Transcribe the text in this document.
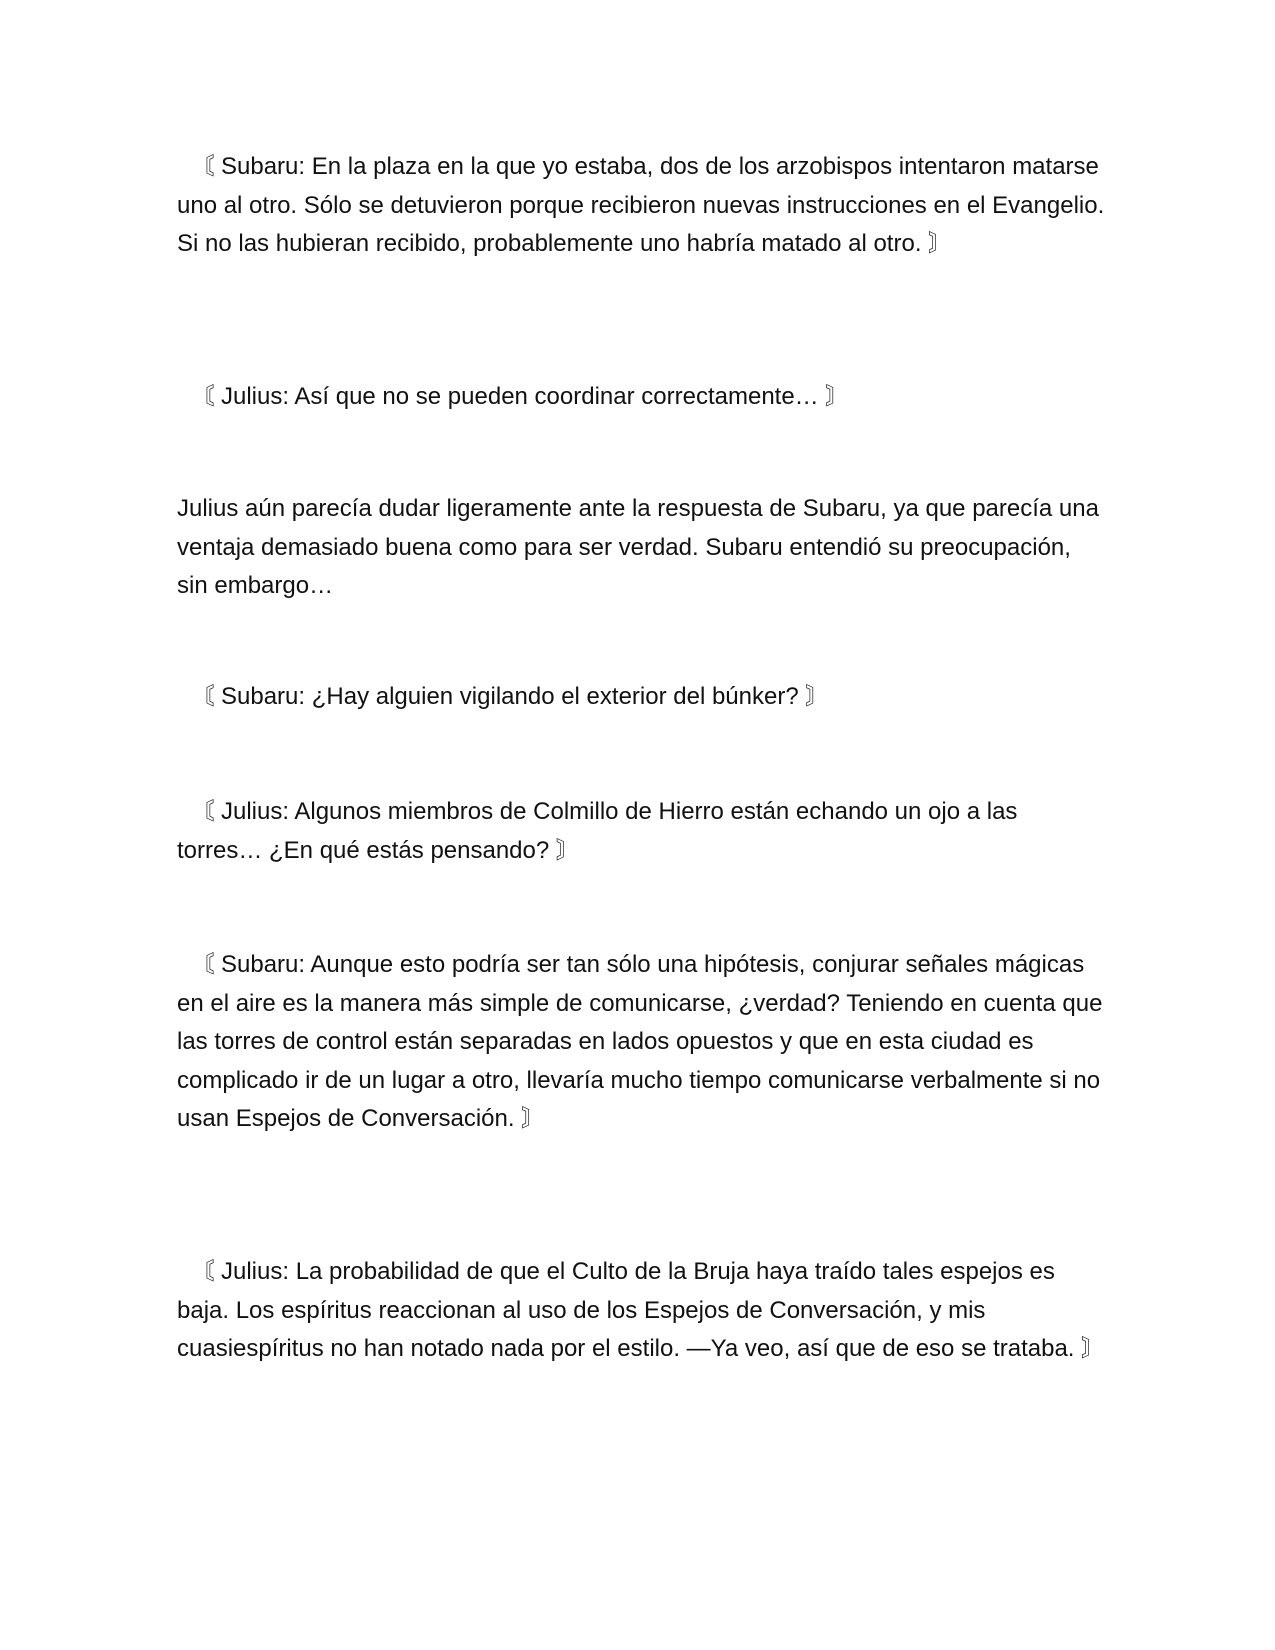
〘 Subaru: En la plaza en la que yo estaba, dos de los arzobispos intentaron matarse uno al otro. Sólo se detuvieron porque recibieron nuevas instrucciones en el Evangelio. Si no las hubieran recibido, probablemente uno habría matado al otro. 〙

〘 Julius: Así que no se pueden coordinar correctamente… 〙

Julius aún parecía dudar ligeramente ante la respuesta de Subaru, ya que parecía una ventaja demasiado buena como para ser verdad. Subaru entendió su preocupación, sin embargo…

〘 Subaru: ¿Hay alguien vigilando el exterior del búnker? 〙

〘 Julius: Algunos miembros de Colmillo de Hierro están echando un ojo a las torres… ¿En qué estás pensando? 〙

〘 Subaru: Aunque esto podría ser tan sólo una hipótesis, conjurar señales mágicas en el aire es la manera más simple de comunicarse, ¿verdad? Teniendo en cuenta que las torres de control están separadas en lados opuestos y que en esta ciudad es complicado ir de un lugar a otro, llevaría mucho tiempo comunicarse verbalmente si no usan Espejos de Conversación. 〙

〘 Julius: La probabilidad de que el Culto de la Bruja haya traído tales espejos es baja. Los espíritus reaccionan al uso de los Espejos de Conversación, y mis cuasiespíritus no han notado nada por el estilo. —Ya veo, así que de eso se trataba. 〙
